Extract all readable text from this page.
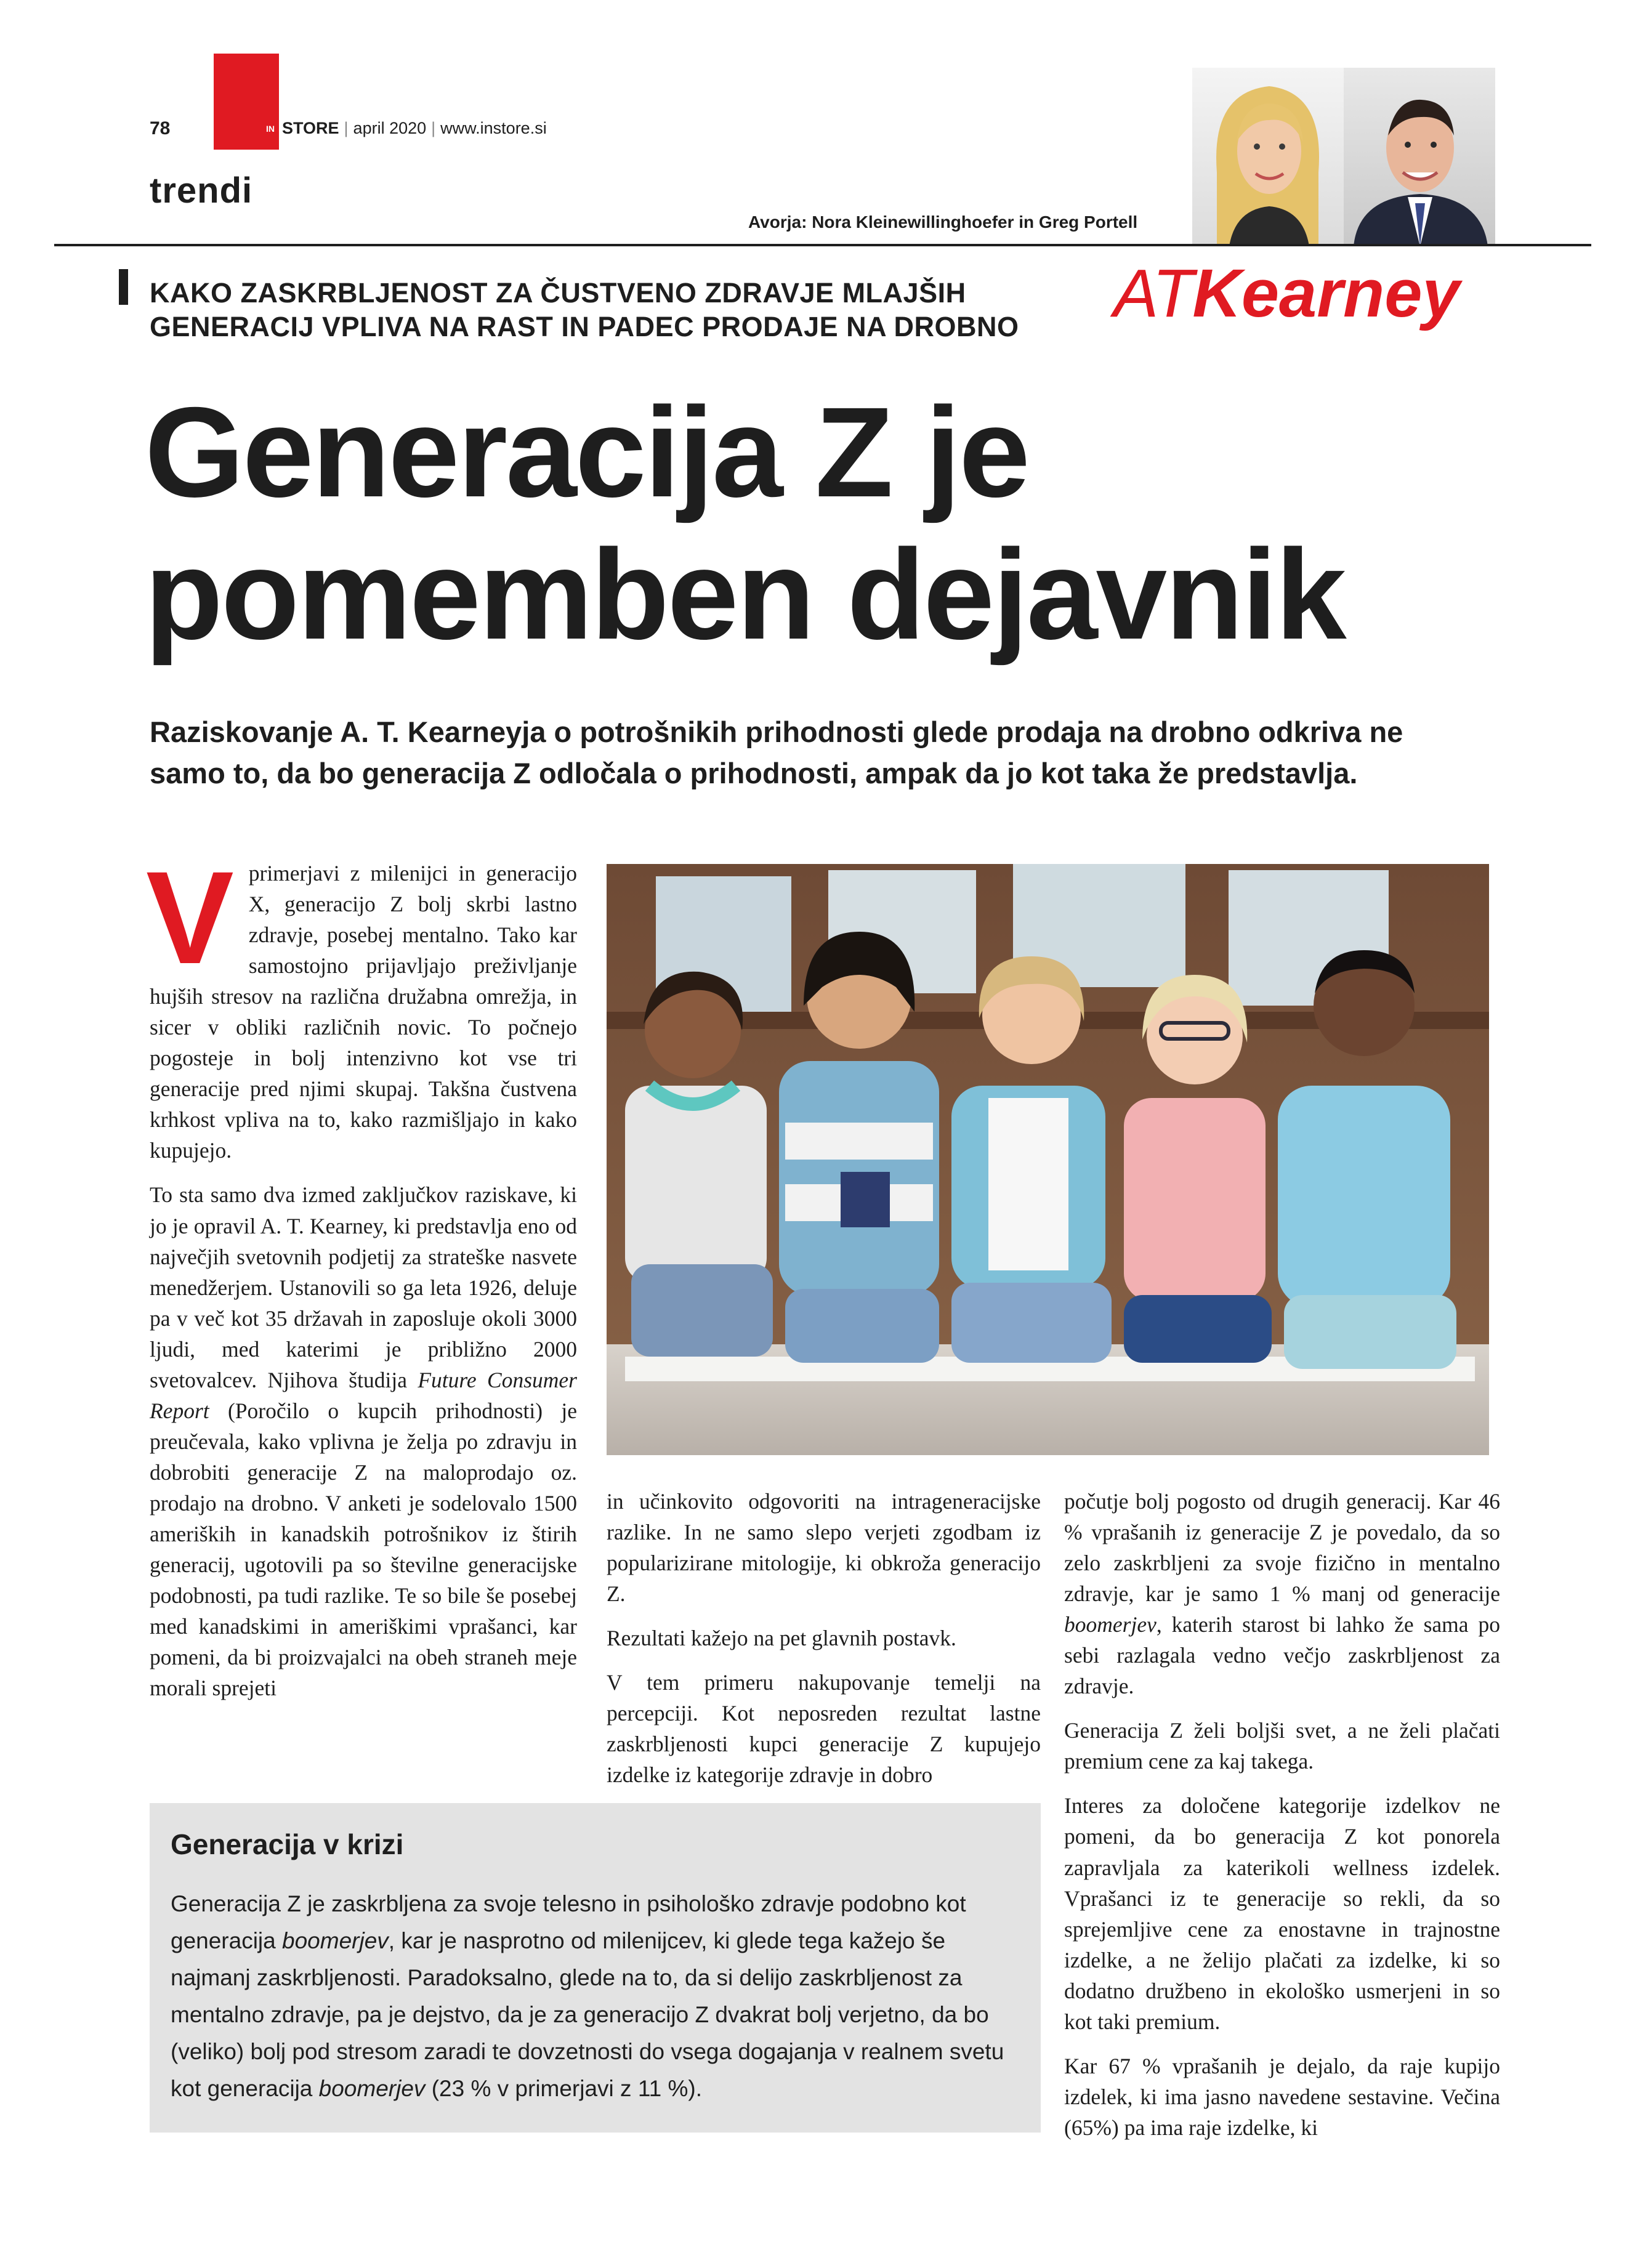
78	IN STORE | april 2020 | www.instore.si
trendi
Avorja: Nora Kleinewillinghoefer in Greg Portell
KAKO ZASKRBLJENOST ZA ČUSTVENO ZDRAVJE MLAJŠIH GENERACIJ VPLIVA NA RAST IN PADEC PRODAJE NA DROBNO	ATKearney
Generacija Z je
pomemben dejavnik
Raziskovanje A. T. Kearneyja o potrošnikih prihodnosti glede prodaja na drobno odkriva ne samo to, da bo generacija Z odločala o prihodnosti, ampak da jo kot taka že predstavlja.

Vprimerjavi z milenijci in generacijo X, generacijo Z bolj skrbi lastno zdravje, posebej mentalno. Tako kar samostojno prijavljajo preživljanje hujših stresov na različna družabna omrežja, in sicer v obliki različnih novic. To počnejo pogosteje in bolj intenzivno kot vse tri generacije pred njimi skupaj. Takšna čustvena krhkost vpliva na to, kako razmišljajo in kako kupujejo.

To sta samo dva izmed zaključkov raziskave, ki jo je opravil A. T. Kearney, ki predstavlja eno od največjih svetovnih podjetij za strateške nasvete menedžerjem. Ustanovili so ga leta 1926, deluje pa v več kot 35 državah in zaposluje okoli 3000 ljudi, med katerimi je približno 2000 svetovalcev. Njihova študija Future Consumer Report (Poročilo o kupcih prihodnosti) je preučevala, kako vplivna je želja po zdravju in dobrobiti generacije Z na maloprodajo oz. prodajo na drobno. V anketi je sodelovalo 1500 ameriških in kanadskih potrošnikov iz štirih generacij, ugotovili pa so številne generacijske podobnosti, pa tudi razlike. Te so bile še posebej med kanadskimi in ameriškimi vprašanci, kar pomeni, da bi proizvajalci na obeh straneh meje morali sprejeti

in učinkovito odgovoriti na intrageneracijske razlike. In ne samo slepo verjeti zgodbam iz popularizirane mitologije, ki obkroža generacijo Z.

Rezultati kažejo na pet glavnih postavk.

V tem primeru nakupovanje temelji na percepciji. Kot neposreden rezultat lastne zaskrbljenosti kupci generacije Z kupujejo izdelke iz kategorije zdravje in dobro

počutje bolj pogosto od drugih generacij. Kar 46 % vprašanih iz generacije Z je povedalo, da so zelo zaskrbljeni za svoje fizično in mentalno zdravje, kar je samo 1 % manj od generacije boomerjev, katerih starost bi lahko že sama po sebi razlagala vedno večjo zaskrbljenost za zdravje.

Generacija Z želi boljši svet, a ne želi plačati premium cene za kaj takega.

Interes za določene kategorije izdelkov ne pomeni, da bo generacija Z kot ponorela zapravljala za katerikoli wellness izdelek. Vprašanci iz te generacije so rekli, da so sprejemljive cene za enostavne in trajnostne izdelke, a ne želijo plačati za izdelke, ki so dodatno družbeno in ekološko usmerjeni in so kot taki premium.

Kar 67 % vprašanih je dejalo, da raje kupijo izdelek, ki ima jasno navedene sestavine. Večina (65%) pa ima raje izdelke, ki

Generacija v krizi

Generacija Z je zaskrbljena za svoje telesno in psihološko zdravje podobno kot generacija boomerjev, kar je nasprotno od milenijcev, ki glede tega kažejo še najmanj zaskrbljenosti. Paradoksalno, glede na to, da si delijo zaskrbljenost za mentalno zdravje, pa je dejstvo, da je za generacijo Z dvakrat bolj verjetno, da bo (veliko) bolj pod stresom zaradi te dovzetnosti do vsega dogajanja v realnem svetu kot generacija boomerjev (23 % v primerjavi z 11 %).
